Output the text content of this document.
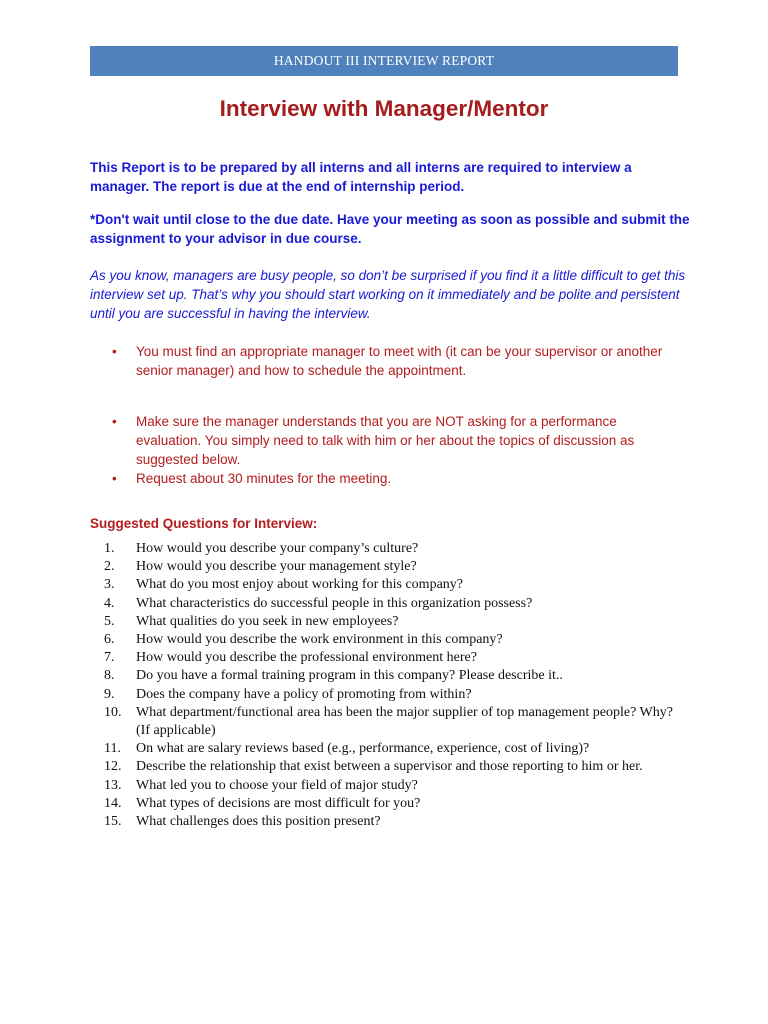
HANDOUT III INTERVIEW REPORT
Interview with Manager/Mentor

This Report is to be prepared by all interns and all interns are required to interview a manager. The report is due at the end of internship period.

*Don't wait until close to the due date. Have your meeting as soon as possible and submit the assignment to your advisor in due course.

As you know, managers are busy people, so don’t be surprised if you find it a little difficult to get this interview set up. That’s why you should start working on it immediately and be polite and persistent until you are successful in having the interview.

• You must find an appropriate manager to meet with (it can be your supervisor or another senior manager) and how to schedule the appointment.
• Make sure the manager understands that you are NOT asking for a performance evaluation. You simply need to talk with him or her about the topics of discussion as suggested below.
• Request about 30 minutes for the meeting.

Suggested Questions for Interview:

1.	How would you describe your company’s culture?
2.	How would you describe your management style?
3.	What do you most enjoy about working for this company?
4.	What characteristics do successful people in this organization possess?
5.	What qualities do you seek in new employees?
6.	How would you describe the work environment in this company?
7.	How would you describe the professional environment here?
8.	Do you have a formal training program in this company? Please describe it..
9.	Does the company have a policy of promoting from within?
10.	What department/functional area has been the major supplier of top management people? Why? (If applicable)
11.	On what are salary reviews based (e.g., performance, experience, cost of living)?
12.	Describe the relationship that exist between a supervisor and those reporting to him or her.
13.	What led you to choose your field of major study?
14.	What types of decisions are most difficult for you?
15.	What challenges does this position present?
